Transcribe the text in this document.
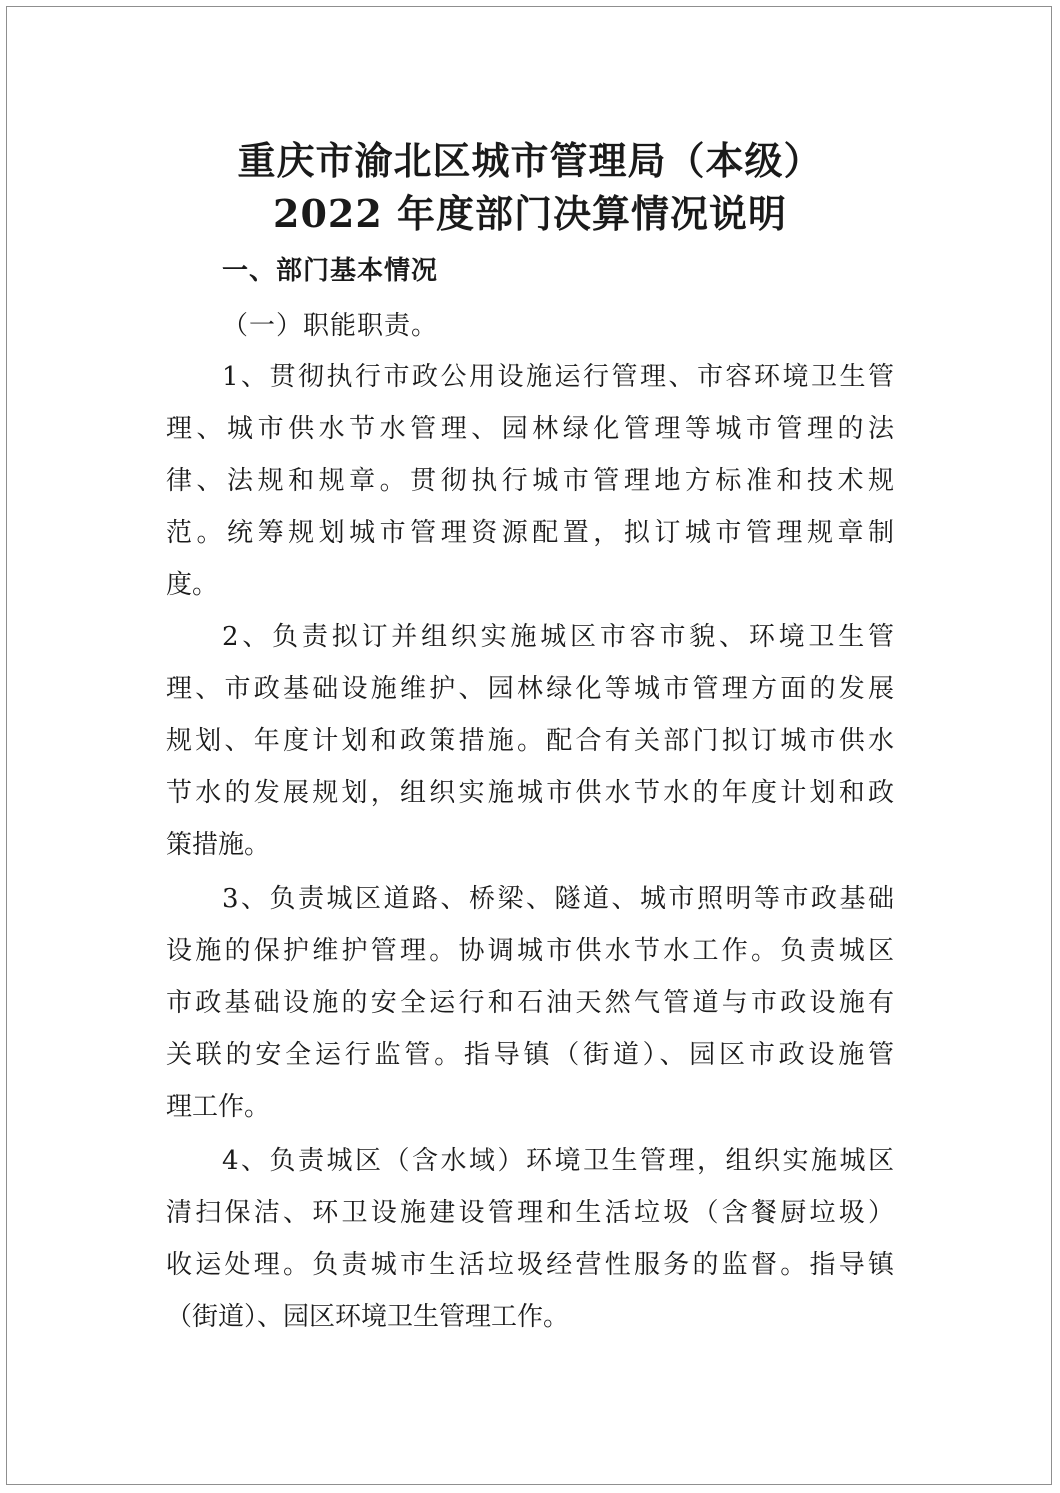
重庆市渝北区城市管理局（本级）
2022 年度部门决算情况说明
一、部门基本情况

（一）职能职责。

1、贯彻执行市政公用设施运行管理、市容环境卫生管

理、城市供水节水管理、园林绿化管理等城市管理的法

律、法规和规章。贯彻执行城市管理地方标准和技术规

范。统筹规划城市管理资源配置，拟订城市管理规章制

度。

2、负责拟订并组织实施城区市容市貌、环境卫生管

理、市政基础设施维护、园林绿化等城市管理方面的发展

规划、年度计划和政策措施。配合有关部门拟订城市供水

节水的发展规划，组织实施城市供水节水的年度计划和政

策措施。

3、负责城区道路、桥梁、隧道、城市照明等市政基础

设施的保护维护管理。协调城市供水节水工作。负责城区

市政基础设施的安全运行和石油天然气管道与市政设施有

关联的安全运行监管。指导镇（街道）、园区市政设施管

理工作。

4、负责城区（含水域）环境卫生管理，组织实施城区

清扫保洁、环卫设施建设管理和生活垃圾（含餐厨垃圾）

收运处理。负责城市生活垃圾经营性服务的监督。指导镇

（街道）、园区环境卫生管理工作。
